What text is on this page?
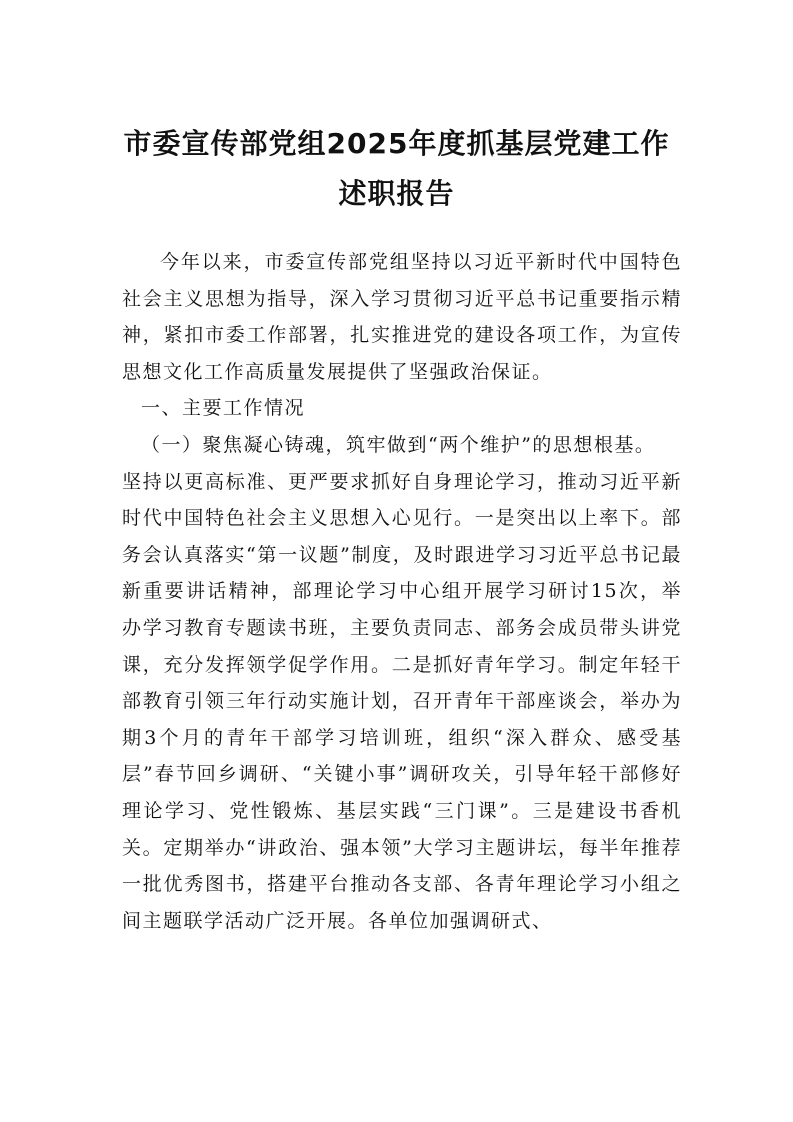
市委宣传部党组2025年度抓基层党建工作
述职报告

今年以来，市委宣传部党组坚持以习近平新时代中国特色社会主义思想为指导，深入学习贯彻习近平总书记重要指示精神，紧扣市委工作部署，扎实推进党的建设各项工作，为宣传思想文化工作高质量发展提供了坚强政治保证。

一、主要工作情况

（一）聚焦凝心铸魂，筑牢做到“两个维护”的思想根基。

坚持以更高标准、更严要求抓好自身理论学习，推动习近平新时代中国特色社会主义思想入心见行。一是突出以上率下。部务会认真落实“第一议题”制度，及时跟进学习习近平总书记最新重要讲话精神，部理论学习中心组开展学习研讨15次，举办学习教育专题读书班，主要负责同志、部务会成员带头讲党课，充分发挥领学促学作用。二是抓好青年学习。制定年轻干部教育引领三年行动实施计划，召开青年干部座谈会，举办为期3个月的青年干部学习培训班，组织“深入群众、感受基层”春节回乡调研、“关键小事”调研攻关，引导年轻干部修好理论学习、党性锻炼、基层实践“三门课”。三是建设书香机关。定期举办“讲政治、强本领”大学习主题讲坛，每半年推荐一批优秀图书，搭建平台推动各支部、各青年理论学习小组之间主题联学活动广泛开展。各单位加强调研式、
